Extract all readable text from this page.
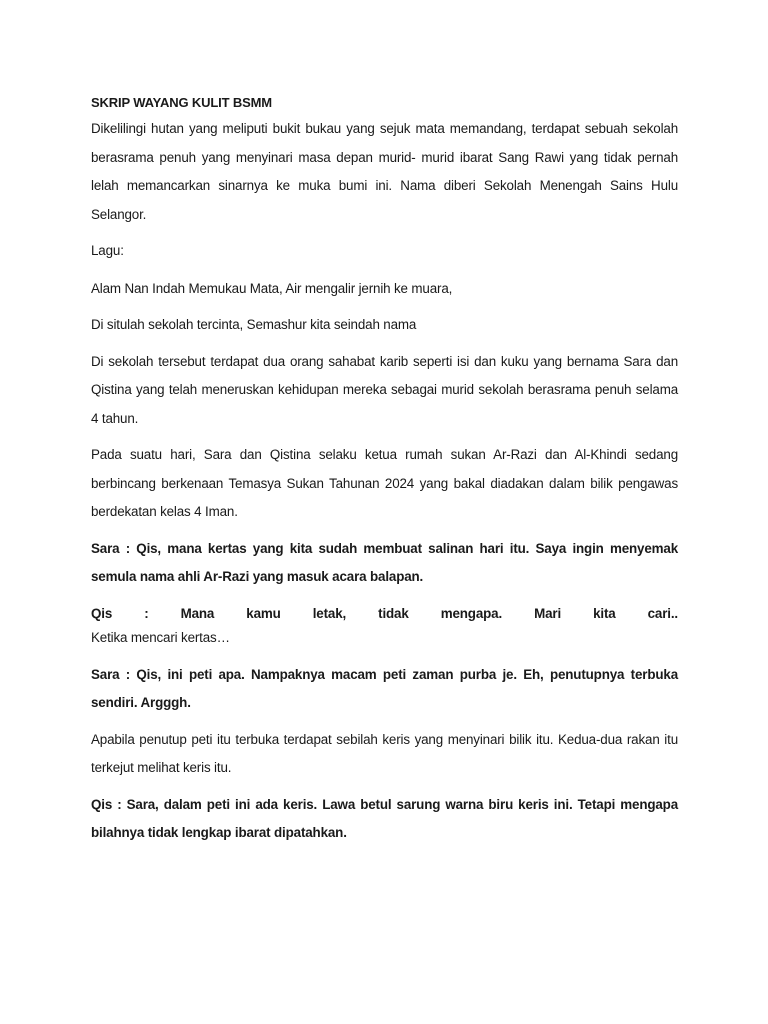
SKRIP WAYANG KULIT BSMM

Dikelilingi hutan yang meliputi bukit bukau yang sejuk mata memandang, terdapat sebuah sekolah berasrama penuh yang menyinari masa depan murid- murid ibarat Sang Rawi yang tidak pernah lelah memancarkan sinarnya ke muka bumi ini. Nama diberi Sekolah Menengah Sains Hulu Selangor.

Lagu:

Alam Nan Indah Memukau Mata, Air mengalir jernih ke muara,

Di situlah sekolah tercinta, Semashur kita seindah nama

Di sekolah tersebut terdapat dua orang sahabat karib seperti isi dan kuku yang bernama Sara dan Qistina yang telah meneruskan kehidupan mereka sebagai murid sekolah berasrama penuh selama 4 tahun.

Pada suatu hari, Sara dan Qistina selaku ketua rumah sukan Ar-Razi dan Al-Khindi sedang berbincang berkenaan Temasya Sukan Tahunan 2024 yang bakal diadakan dalam bilik pengawas berdekatan kelas 4 Iman.

Sara : Qis, mana kertas yang kita sudah membuat salinan hari itu. Saya ingin menyemak semula nama ahli Ar-Razi yang masuk acara balapan.

Qis : Mana kamu letak, tidak mengapa. Mari kita cari..

Ketika mencari kertas…

Sara : Qis, ini peti apa. Nampaknya macam peti zaman purba je. Eh, penutupnya terbuka sendiri. Argggh.

Apabila penutup peti itu terbuka terdapat sebilah keris yang menyinari bilik itu. Kedua-dua rakan itu terkejut melihat keris itu.

Qis : Sara, dalam peti ini ada keris. Lawa betul sarung warna biru keris ini. Tetapi mengapa bilahnya tidak lengkap ibarat dipatahkan.
